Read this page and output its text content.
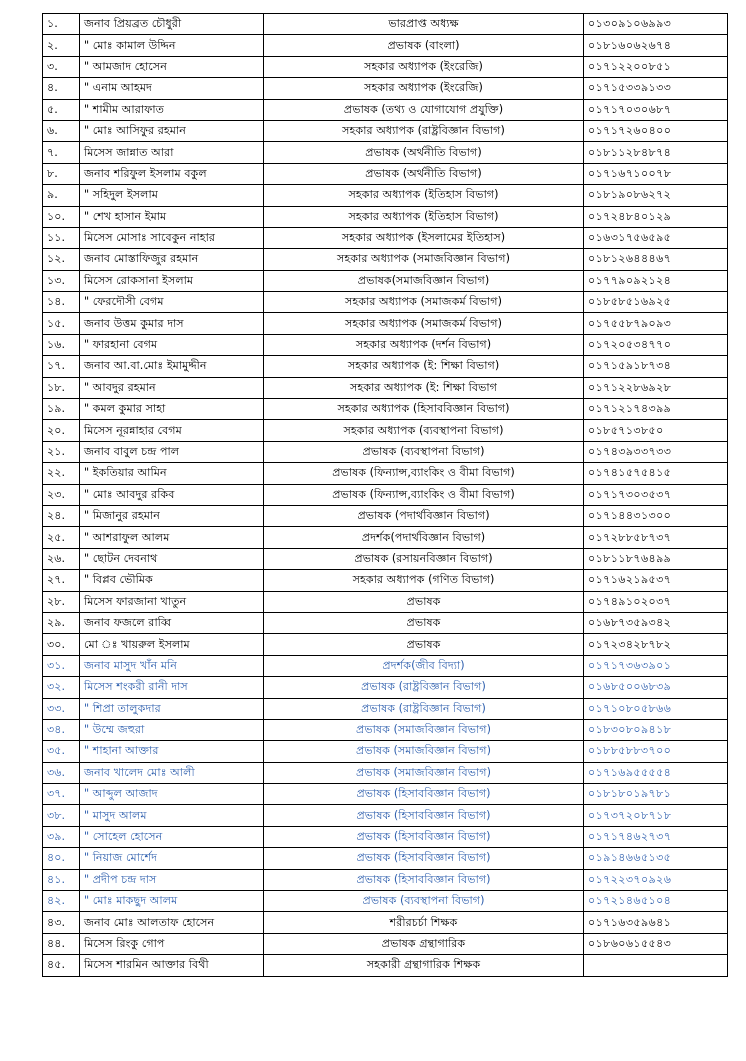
১.	জনাব প্রিয়ব্রত চৌধুরী	ভারপ্রাপ্ত অধ্যক্ষ	০১৩০৯১০৬৯৯৩
২.	" মোঃ কামাল উদ্দিন	প্রভাষক (বাংলা)	০১৮১৬০৬২৬৭৪
৩.	" আমজাদ হোসেন	সহকার অধ্যাপক (ইংরেজি)	০১৭১২২০০৮৫১
৪.	" এনাম আহমদ	সহকার অধ্যাপক (ইংরেজি)	০১৭১৫৩৩৯১৩৩
৫.	" শামীম আরাফাত	প্রভাষক (তথ্য ও যোগাযোগ প্রযুক্তি)	০১৭১৭০৩০৬৮৭
৬.	" মোঃ আসিফুর রহমান	সহকার অধ্যাপক (রাষ্ট্রবিজ্ঞান বিভাগ)	০১৭১৭২৬০৪০০
৭.	মিসেস জান্নাত আরা	প্রভাষক (অর্থনীতি বিভাগ)	০১৮১১২৮৪৮৭৪
৮.	জনাব শরিফুল ইসলাম বকুল	প্রভাষক (অর্থনীতি বিভাগ)	০১৭১৬৭১০০৭৮
৯.	" সহিদুল ইসলাম	সহকার অধ্যাপক (ইতিহাস বিভাগ)	০১৮১৯০৮৬২৭২
১০.	" শেখ হাসান ইমাম	সহকার অধ্যাপক (ইতিহাস বিভাগ)	০১৭২৪৮৪০১২৯
১১.	মিসেস মোসাঃ সাবেকুন নাহার	সহকার অধ্যাপক (ইসলামের ইতিহাস)	০১৬৩১৭৫৬৫৯৫
১২.	জনাব মোস্তাফিজুর রহমান	সহকার অধ্যাপক (সমাজবিজ্ঞান বিভাগ)	০১৮১২৬৪৪৪৬৭
১৩.	মিসেস রোকসানা ইসলাম	প্রভাষক(সমাজবিজ্ঞান বিভাগ)	০১৭৭৯০৯২১২৪
১৪.	" ফেরদৌসী বেগম	সহকার অধ্যাপক (সমাজকর্ম বিভাগ)	০১৮৫৮৫১৬৯২৫
১৫.	জনাব উত্তম কুমার দাস	সহকার অধ্যাপক (সমাজকর্ম বিভাগ)	০১৭৫৫৮৭৯০৯৩
১৬.	" ফারহানা বেগম	সহকার অধ্যাপক (দর্শন বিভাগ)	০১৭২০৫৩৪৭৭০
১৭.	জনাব আ.বা.মোঃ ইমামুদ্দীন	সহকার অধ্যাপক (ই: শিক্ষা বিভাগ)	০১৭১৫৯১৮৭৩৪
১৮.	" আবদুর রহমান	সহকার অধ্যাপক (ই: শিক্ষা বিভাগ	০১৭১২২৮৬৯২৮
১৯.	" কমল কুমার সাহা	সহকার অধ্যাপক (হিসাববিজ্ঞান বিভাগ)	০১৭১২১৭৪৩৯৯
২০.	মিসেস নূরন্নাহার বেগম	সহকার অধ্যাপক (ব্যবস্থাপনা বিভাগ)	০১৮৫৭১৩৮৫০
২১.	জনাব বাবুল চন্দ্র পাল	প্রভাষক (ব্যবস্থাপনা বিভাগ)	০১৭৪৩৯৩৩৭৩৩
২২.	" ইকতিয়ার আমিন	প্রভাষক (ফিন্যান্স,ব্যাংকিং ও বীমা বিভাগ)	০১৭৪১৫৭৫৪১৫
২৩.	" মোঃ আবদুর রকিব	প্রভাষক (ফিন্যান্স,ব্যাংকিং ও বীমা বিভাগ)	০১৭১৭৩০৩৫৩৭
২৪.	" মিজানুর রহমান	প্রভাষক (পদার্থবিজ্ঞান বিভাগ)	০১৭১৪৪৩১৩০০
২৫.	" আশরাফুল আলম	প্রদর্শক(পদার্থবিজ্ঞান বিভাগ)	০১৭২৮৮৫৮৭৩৭
২৬.	" ছোটন দেবনাথ	প্রভাষক (রসায়নবিজ্ঞান বিভাগ)	০১৮১১৮৭৬৪৯৯
২৭.	" বিপ্লব ভৌমিক	সহকার অধ্যাপক (গণিত বিভাগ)	০১৭১৬২১৯৫৩৭
২৮.	মিসেস ফারজানা খাতুন	প্রভাষক	০১৭৪৯১০২০৩৭
২৯.	জনাব ফজলে রাব্বি	প্রভাষক	০১৬৮৭৩৫৯৩৪২
৩০.	মো ঃ খায়রুল ইসলাম	প্রভাষক	০১৭২৩৪২৮৭৮২
৩১.	জনাব মাসুদ খাঁন মনি	প্রদর্শক(জীব বিদ্যা)	০১৭১৭৩৬৩৯০১
৩২.	মিসেস শংকরী রানী দাস	প্রভাষক (রাষ্ট্রবিজ্ঞান বিভাগ)	০১৬৮৫০০৬৮৩৯
৩৩.	" শিপ্রা তালুকদার	প্রভাষক (রাষ্ট্রবিজ্ঞান বিভাগ)	০১৭১০৮০৫৮৬৬
৩৪.	" উম্মে জহুরা	প্রভাষক (সমাজবিজ্ঞান বিভাগ)	০১৮৩০৮০৯৪১৮
৩৫.	" শাহানা আক্তার	প্রভাষক (সমাজবিজ্ঞান বিভাগ)	০১৮৮৫৮৮৩৭০০
৩৬.	জনাব খালেদ মোঃ আলী	প্রভাষক (সমাজবিজ্ঞান বিভাগ)	০১৭১৬৯৫৫৫৫৪
৩৭.	" আব্দুল আজাদ	প্রভাষক (হিসাববিজ্ঞান বিভাগ)	০১৮১৮০১৯৭৮১
৩৮.	" মাসুদ আলম	প্রভাষক (হিসাববিজ্ঞান বিভাগ)	০১৭৩৭২০৮৭১৮
৩৯.	" সোহেল হোসেন	প্রভাষক (হিসাববিজ্ঞান বিভাগ)	০১৭১৭৪৬২৭৩৭
৪০.	" নিয়াজ মোর্শেদ	প্রভাষক (হিসাববিজ্ঞান বিভাগ)	০১৯১৪৬৬৫১৩৫
৪১.	" প্রদীপ চন্দ্র দাস	প্রভাষক (হিসাববিজ্ঞান বিভাগ)	০১৭২২৩৭০৯২৬
৪২.	" মোঃ মাকছুদ আলম	প্রভাষক (ব্যবস্থাপনা বিভাগ)	০১৭২১৪৬৫১০৪
৪৩.	জনাব মোঃ আলতাফ হোসেন	শরীরচর্চা শিক্ষক	০১৭১৬৩৫৯৬৪১
৪৪.	মিসেস রিংকু গোপ	প্রভাষক গ্রন্থাগারিক	০১৮৬০৬১৫৫৪৩
৪৫.	মিসেস শারমিন আক্তার বিথী	সহকারী গ্রন্থাগারিক শিক্ষক	
